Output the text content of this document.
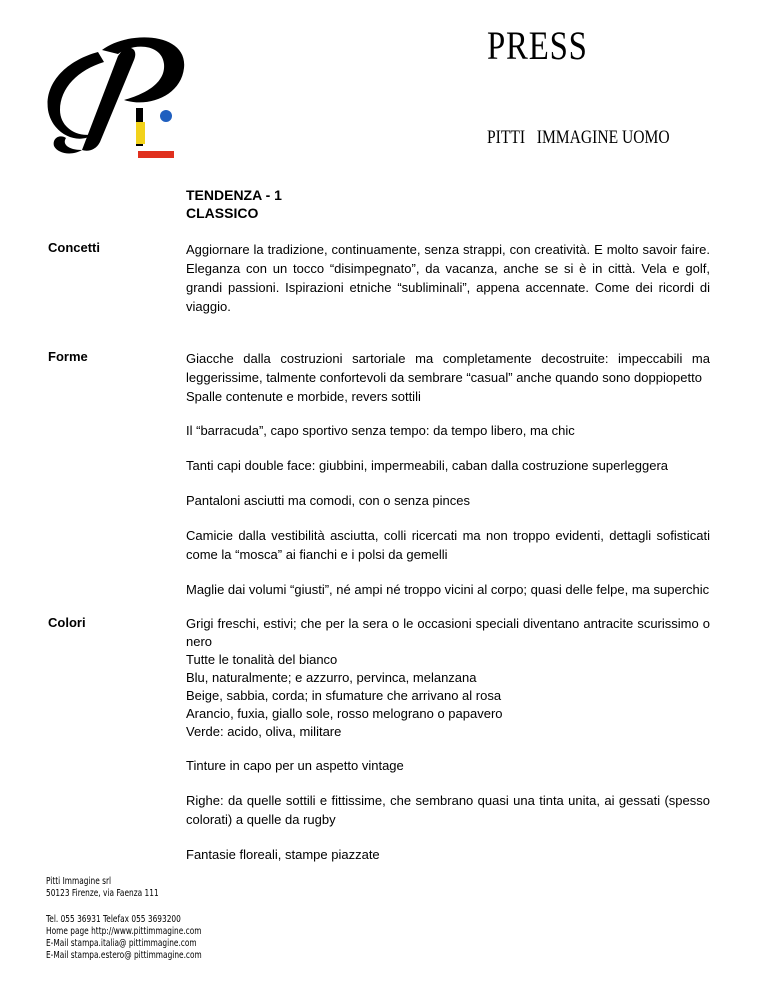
PRESS
PITTI   IMMAGINE UOMO
TENDENZA - 1
CLASSICO
Concetti	Aggiornare la tradizione, continuamente, senza strappi, con creatività. E molto savoir faire.
Eleganza con un tocco “disimpegnato”, da vacanza, anche se si è in città. Vela e golf,
grandi passioni. Ispirazioni etniche “subliminali”, appena accennate. Come dei ricordi di
viaggio.
Forme	Giacche dalla costruzioni sartoriale ma completamente decostruite: impeccabili ma
leggerissime, talmente confortevoli da sembrare “casual” anche quando sono doppiopetto
Spalle contenute e morbide, revers sottili
Il “barracuda”, capo sportivo senza tempo: da tempo libero, ma chic
Tanti capi double face: giubbini, impermeabili, caban dalla costruzione superleggera
Pantaloni asciutti ma comodi, con o senza pinces
Camicie dalla vestibilità asciutta, colli ricercati ma non troppo evidenti, dettagli sofisticati
come la “mosca” ai fianchi e i polsi da gemelli
Maglie dai volumi “giusti”, né ampi né troppo vicini al corpo; quasi delle felpe, ma superchic
Colori	Grigi freschi, estivi; che per la sera o le occasioni speciali diventano antracite scurissimo o
nero
Tutte le tonalità del bianco
Blu, naturalmente; e azzurro, pervinca, melanzana
Beige, sabbia, corda; in sfumature che arrivano al rosa
Arancio, fuxia, giallo sole, rosso melograno o papavero
Verde: acido, oliva, militare
Tinture in capo per un aspetto vintage
Righe: da quelle sottili e fittissime, che sembrano quasi una tinta unita, ai gessati (spesso
colorati) a quelle da rugby
Fantasie floreali, stampe piazzate
Pitti Immagine srl
50123 Firenze, via Faenza 111
Tel. 055 36931 Telefax 055 3693200
Home page http://www.pittimmagine.com
E-Mail stampa.italia@ pittimmagine.com
E-Mail stampa.estero@ pittimmagine.com
